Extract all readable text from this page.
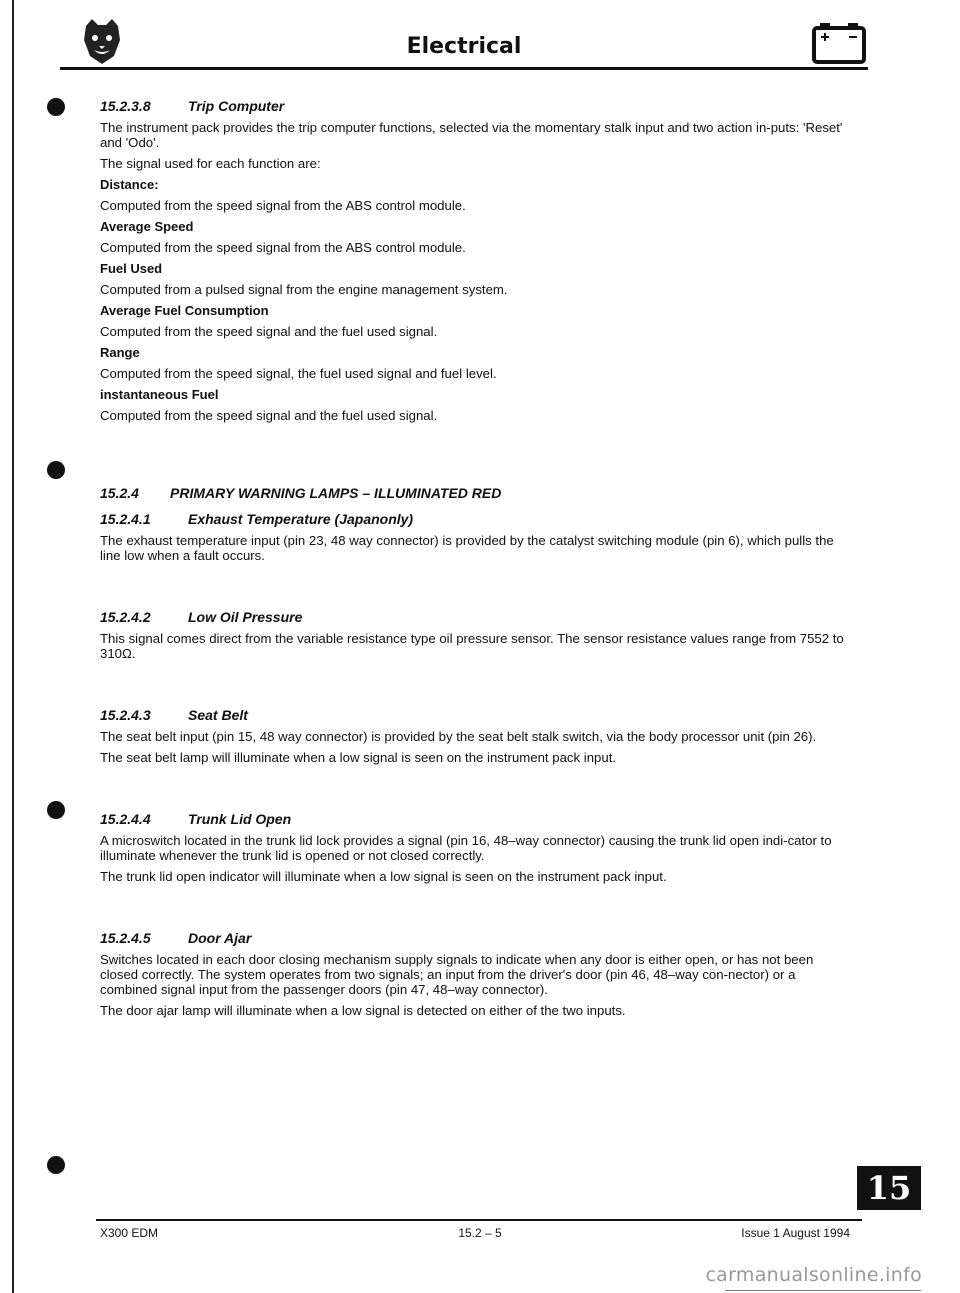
Electrical
15.2.3.8	Trip Computer

The instrument pack provides the trip computer functions, selected via the momentary stalk input and two action in-puts: 'Reset' and 'Odo'.

The signal used for each function are:

Distance:

Computed from the speed signal from the ABS control module.

Average Speed

Computed from the speed signal from the ABS control module.

Fuel Used

Computed from a pulsed signal from the engine management system.

Average Fuel Consumption

Computed from the speed signal and the fuel used signal.

Range

Computed from the speed signal, the fuel used signal and fuel level.

instantaneous Fuel

Computed from the speed signal and the fuel used signal.

15.2.4 PRIMARY WARNING LAMPS – ILLUMINATED RED
15.2.4.1	Exhaust Temperature (Japanonly)

The exhaust temperature input (pin 23, 48 way connector) is provided by the catalyst switching module (pin 6), which pulls the line low when a fault occurs.

15.2.4.2	Low Oil Pressure

This signal comes direct from the variable resistance type oil pressure sensor. The sensor resistance values range from 7552 to 310Ω.

15.2.4.3	Seat Belt

The seat belt input (pin 15, 48 way connector) is provided by the seat belt stalk switch, via the body processor unit (pin 26).

The seat belt lamp will illuminate when a low signal is seen on the instrument pack input.

15.2.4.4	Trunk Lid Open

A microswitch located in the trunk lid lock provides a signal (pin 16, 48–way connector) causing the trunk lid open indi-cator to illuminate whenever the trunk lid is opened or not closed correctly.

The trunk lid open indicator will illuminate when a low signal is seen on the instrument pack input.

15.2.4.5	Door Ajar

Switches located in each door closing mechanism supply signals to indicate when any door is either open, or has not been closed correctly. The system operates from two signals; an input from the driver's door (pin 46, 48–way con-nector) or a combined signal input from the passenger doors (pin 47, 48–way connector).

The door ajar lamp will illuminate when a low signal is detected on either of the two inputs.

15
X300 EDM	15.2 – 5	Issue 1 August 1994
carmanualsonline.info
